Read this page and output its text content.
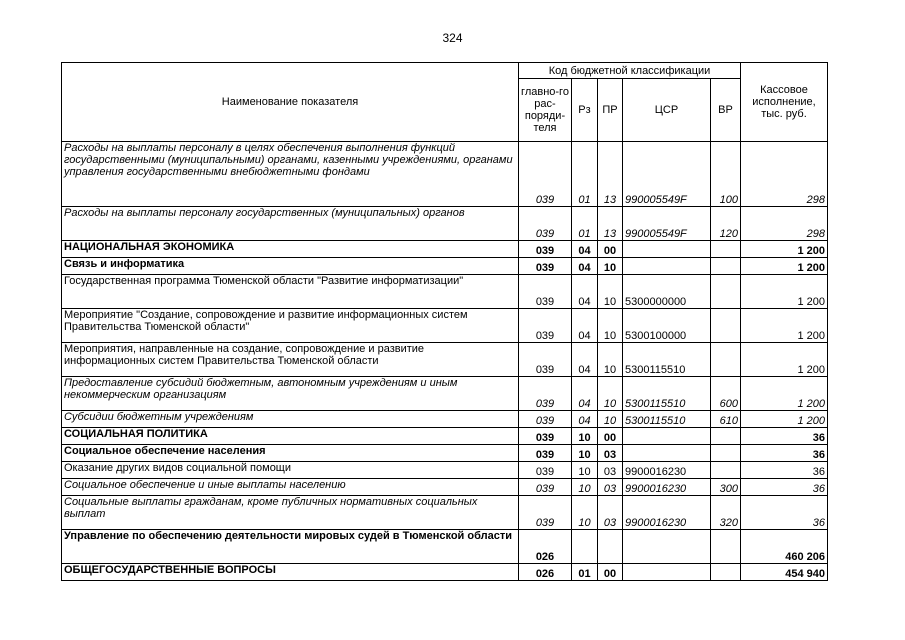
324
Наименование показателя	Код бюджетной классификации					Кассовое исполнение, тыс. руб.
	главно-го рас-поряди-теля	Рз	ПР	ЦСР	ВР	
Расходы на выплаты персоналу в целях обеспечения выполнения функций государственными (муниципальными) органами, казенными учреждениями, органами управления государственными внебюджетными фондами	039	01	13	990005549F	100	298
Расходы на выплаты персоналу государственных (муниципальных) органов	039	01	13	990005549F	120	298
НАЦИОНАЛЬНАЯ ЭКОНОМИКА	039	04	00			1 200
Связь и информатика	039	04	10			1 200
Государственная программа Тюменской области "Развитие информатизации"	039	04	10	5300000000		1 200
Мероприятие "Создание, сопровождение и развитие информационных систем Правительства Тюменской области"	039	04	10	5300100000		1 200
Мероприятия, направленные на создание, сопровождение и развитие информационных систем Правительства Тюменской области	039	04	10	5300115510		1 200
Предоставление субсидий бюджетным, автономным учреждениям и иным некоммерческим организациям	039	04	10	5300115510	600	1 200
Субсидии бюджетным учреждениям	039	04	10	5300115510	610	1 200
СОЦИАЛЬНАЯ ПОЛИТИКА	039	10	00			36
Социальное обеспечение населения	039	10	03			36
Оказание других видов социальной помощи	039	10	03	9900016230		36
Социальное обеспечение и иные выплаты населению	039	10	03	9900016230	300	36
Социальные выплаты гражданам, кроме публичных нормативных социальных выплат	039	10	03	9900016230	320	36
Управление по обеспечению деятельности мировых судей в Тюменской области	026					460 206
ОБЩЕГОСУДАРСТВЕННЫЕ ВОПРОСЫ	026	01	00			454 940
